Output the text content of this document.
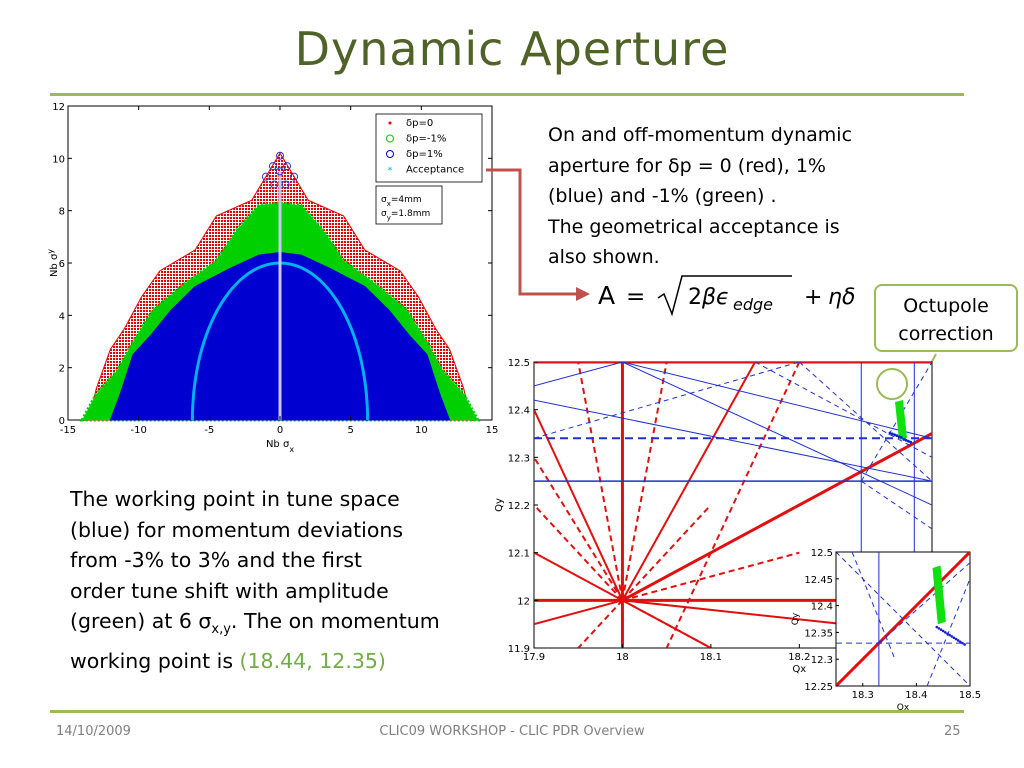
Dynamic Aperture
-15	-10	-5	0	5	10	15
0
2
4
6
8
10
12
Nb $\sigma_x$
Nb $\sigma^y$
δp=0
δp=-1%
δp=1%
* Acceptance
$\sigma_x=4mm$
$\sigma_y=1.8mm$
On and off-momentum dynamic
aperture for δp = 0 (red), 1%
(blue) and -1% (green) .
The geometrical acceptance is
also shown.
A = 2 βϵ edge + ηδ	Octupole
correction
17.9	18	18.1	18.2
11.9
12
12.1
12.2
12.3
12.4
12.5
Qx
Qy
18.3	18.4	18.5
12.25
12.3
12.35
12.4
12.45
12.5
Qx
Qy
The working point in tune space
(blue) for momentum deviations
from -3% to 3% and the first
order tune shift with amplitude
(green) at 6 $\sigma_{x,y}$. The on momentum
working point is (18.44, 12.35)
14/10/2009	CLIC09 WORKSHOP - CLIC PDR Overview	25
